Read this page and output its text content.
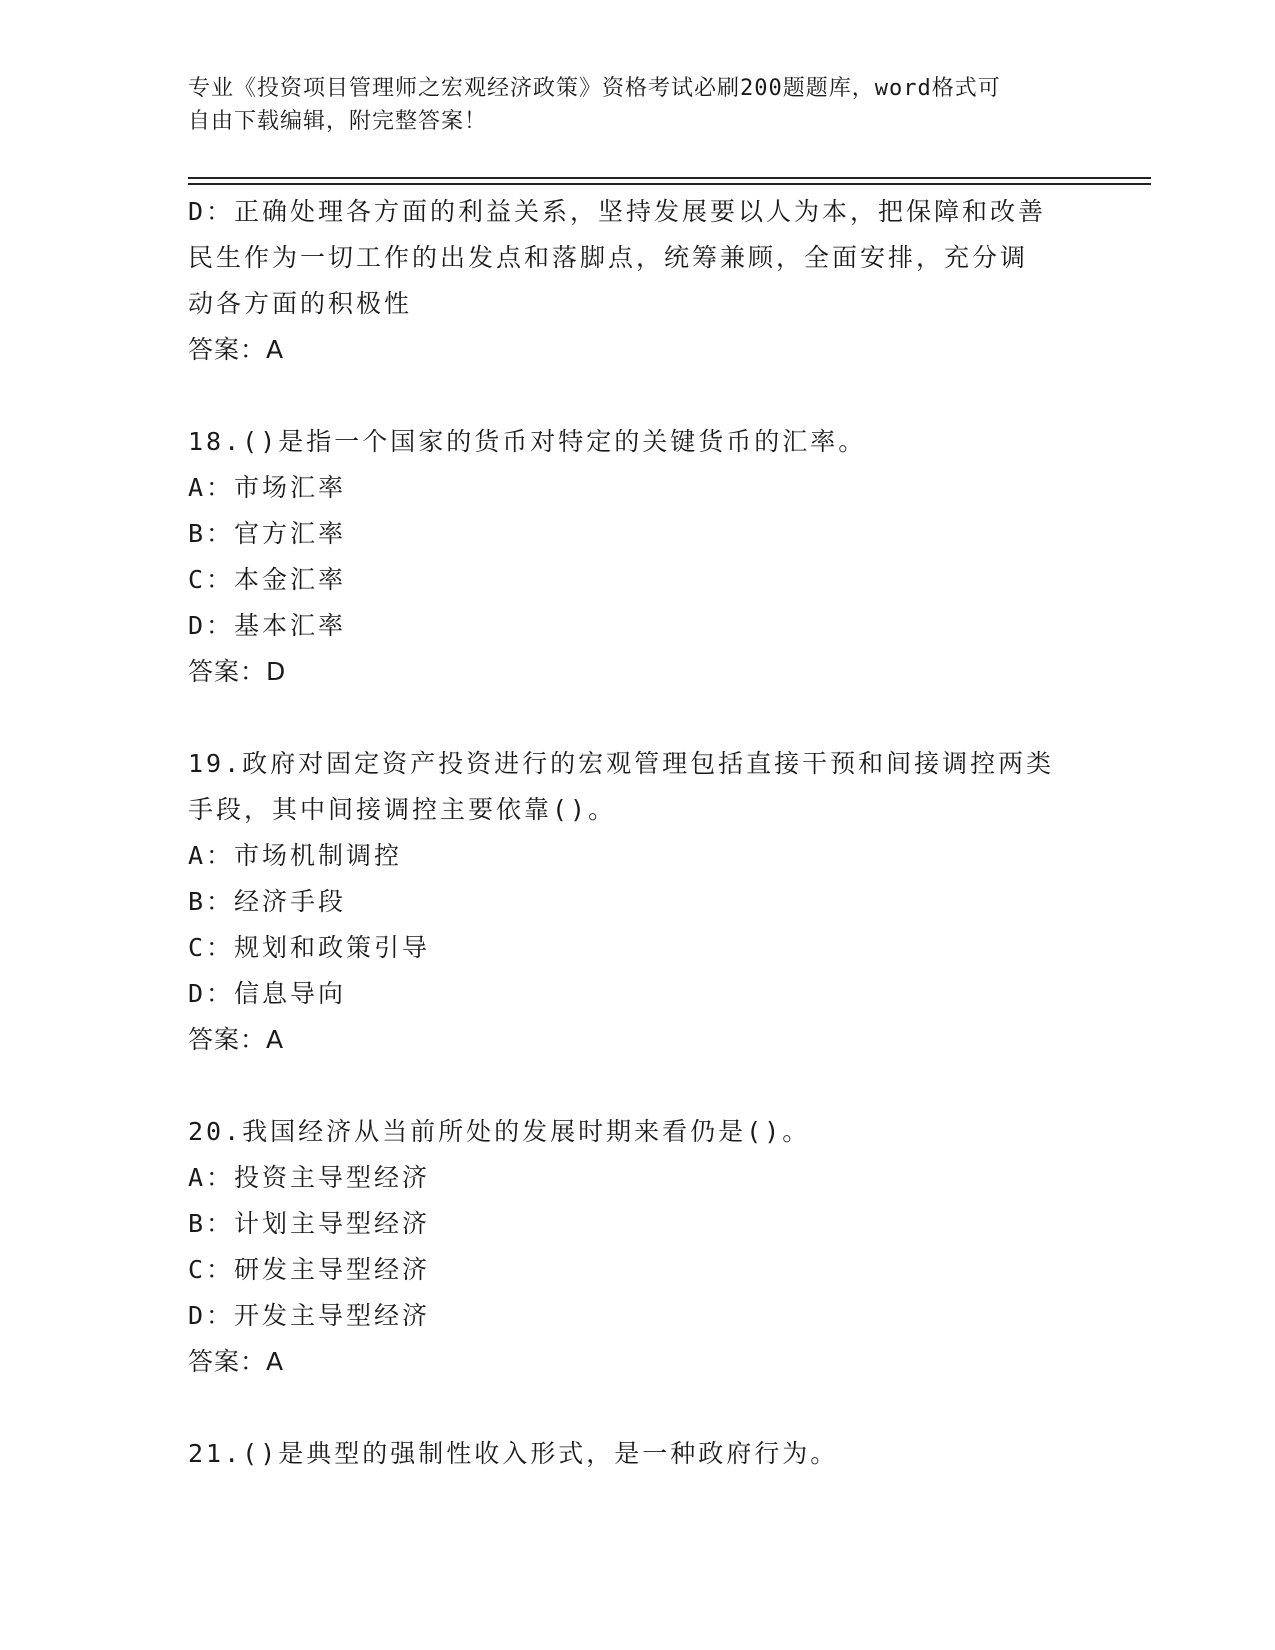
专业《投资项目管理师之宏观经济政策》资格考试必刷200题题库，word格式可
自由下载编辑，附完整答案！
D：正确处理各方面的利益关系，坚持发展要以人为本，把保障和改善
民生作为一切工作的出发点和落脚点，统筹兼顾，全面安排，充分调
动各方面的积极性
答案：A
18.()是指一个国家的货币对特定的关键货币的汇率。
A：市场汇率
B：官方汇率
C：本金汇率
D：基本汇率
答案：D
19.政府对固定资产投资进行的宏观管理包括直接干预和间接调控两类
手段，其中间接调控主要依靠()。
A：市场机制调控
B：经济手段
C：规划和政策引导
D：信息导向
答案：A
20.我国经济从当前所处的发展时期来看仍是()。
A：投资主导型经济
B：计划主导型经济
C：研发主导型经济
D：开发主导型经济
答案：A
21.()是典型的强制性收入形式，是一种政府行为。
